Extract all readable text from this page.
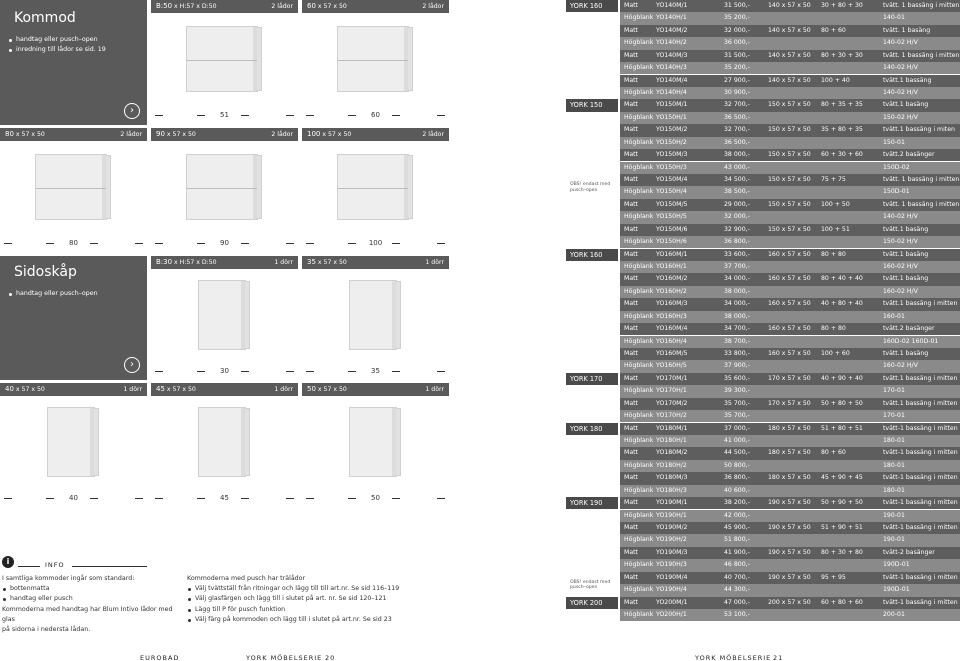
Kommod
handtag eller pusch–open
inredning till lådor se sid. 19
›
Sidoskåp
handtag eller pusch–open
›
B:50 x H:57 x D:50	2 lådor
51
60 x 57 x 50	2 lådor
60
80 x 57 x 50	2 lådor
80
90 x 57 x 50	2 lådor
90
100 x 57 x 50	2 lådor
100
B:30 x H:57 x D:50	1 dörr
30
35 x 57 x 50	1 dörr
35
40 x 57 x 50	1 dörr
40
45 x 57 x 50	1 dörr
45
50 x 57 x 50	1 dörr
50
i	INFO
I samtliga kommoder ingår som standard:
bottenmatta
handtag eller pusch
Kommoderna med handtag har Blum Intivo lådor med glas
på sidorna i nedersta lådan.
Kommoderna med pusch har trälådor
Välj tvättställ från ritningar och lägg till till art.nr. Se sid 116–119
Välj glasfärgen och lägg till i slutet på art. nr. Se sid 120–121
Lägg till P för pusch funktion
Välj färg på kommoden och lägg till i slutet på art.nr. Se sid 23
EUROBAD	YORK MÖBELSERIE 20	YORK MÖBELSERIE 21
Matt	YO140M/1	31 500,-	140 x 57 x 50 30 + 80 + 30	tvätt. 1 bassäng i mitten
Högblank YO140H/1	35 200,-	140-01
Matt	YO140M/2	32 000,-	140 x 57 x 50 80 + 60	tvätt. 1 basäng
Högblank YO140H/2	36 000,-	140-02 H/V
Matt	YO140M/3	31 500,-	140 x 57 x 50 80 + 30 + 30	tvätt. 1 bassäng i mitten
Högblank YO140H/3	35 200,-	140-02 H/V
Matt	YO140M/4	27 900,-	140 x 57 x 50 100 + 40	tvätt.1 bassäng
Högblank YO140H/4	30 900,-	140-02 H/V
Matt	YO150M/1	32 700,-	150 x 57 x 50 80 + 35 + 35	tvätt.1 basäng
Högblank YO150H/1	36 500,-	150-02 H/V
Matt	YO150M/2	32 700,-	150 x 57 x 50 35 + 80 + 35	tvätt.1 bassäng i miten
Högblank YO150H/2	36 500,-	150-01
Matt	YO150M/3	38 000,-	150 x 57 x 50 60 + 30 + 60	tvätt.2 basänger
Högblank YO150H/3	43 000,-	150D-02
Matt	YO150M/4	34 500,-	150 x 57 x 50 75 + 75	tvätt. 1 bassäng i mitten
Högblank YO150H/4	38 500,-	150D-01
Matt	YO150M/5	29 000,-	150 x 57 x 50 100 + 50	tvätt. 1 bassäng i mitten
Högblank YO150H/5	32 000,-	140-02 H/V
Matt	YO150M/6	32 900,-	150 x 57 x 50 100 + 51	tvätt.1 basäng
Högblank YO150H/6	36 800,-	150-02 H/V
Matt	YO160M/1	33 600,-	160 x 57 x 50 80 + 80	tvätt.1 basäng
Högblank YO160H/1	37 700,-	160-02 H/V
Matt	YO160M/2	34 000,-	160 x 57 x 50 80 + 40 + 40	tvätt.1 basäng
Högblank YO160H/2	38 000,-	160-02 H/V
Matt	YO160M/3	34 000,-	160 x 57 x 50 40 + 80 + 40	tvätt.1 bassäng i mitten
Högblank YO160H/3	38 000,-	160-01
Matt	YO160M/4	34 700,-	160 x 57 x 50 80 + 80	tvätt.2 basänger
Högblank YO160H/4	38 700,-	160D-02 160D-01
Matt	YO160M/5	33 800,-	160 x 57 x 50 100 + 60	tvätt.1 basäng
Högblank YO160H/5	37 900,-	160-02 H/V
Matt	YO170M/1	35 600,-	170 x 57 x 50 40 + 90 + 40	tvätt.1 bassäng i mitten
Högblank YO170H/1	39 300,-	170-01
Matt	YO170M/2	35 700,-	170 x 57 x 50 50 + 80 + 50	tvätt.1 bassäng i mitten
Högblank YO170H/2	35 700,-	170-01
Matt	YO180M/1	37 000,-	180 x 57 x 50 51 + 80 + 51	tvätt-1 bassäng i mitten
Högblank YO180H/1	41 000,-	180-01
Matt	YO180M/2	44 500,-	180 x 57 x 50 80 + 60	tvätt-1 bassäng i mitten
Högblank YO180H/2	50 800,-	180-01
Matt	YO180M/3	36 800,-	180 x 57 x 50 45 + 90 + 45	tvätt-1 bassäng i mitten
Högblank YO180H/3	40 600,-	180-01
Matt	YO190M/1	38 200,-	190 x 57 x 50 50 + 90 + 50	tvätt-1 bassäng i mitten
Högblank YO190H/1	42 000,-	190-01
Matt	YO190M/2	45 900,-	190 x 57 x 50 51 + 90 + 51	tvätt-1 bassäng i mitten
Högblank YO190H/2	51 800,-	190-01
Matt	YO190M/3	41 900,-	190 x 57 x 50 80 + 30 + 80	tvätt-2 basänger
Högblank YO190H/3	46 800,-	190D-01
Matt	YO190M/4	40 700,-	190 x 57 x 50 95 + 95	tvätt-1 bassäng i mitten
Högblank YO190H/4	44 300,-	190D-01
Matt	YO200M/1	47 000,-	200 x 57 x 50 60 + 80 + 60	tvätt-1 bassäng i mitten
Högblank YO200H/1	53 100,-	200-01
YORK 160
YORK 150
YORK 160
YORK 170
YORK 180
YORK 190
YORK 200
OBS! endast med pusch–open
OBS! endast med pusch–open
